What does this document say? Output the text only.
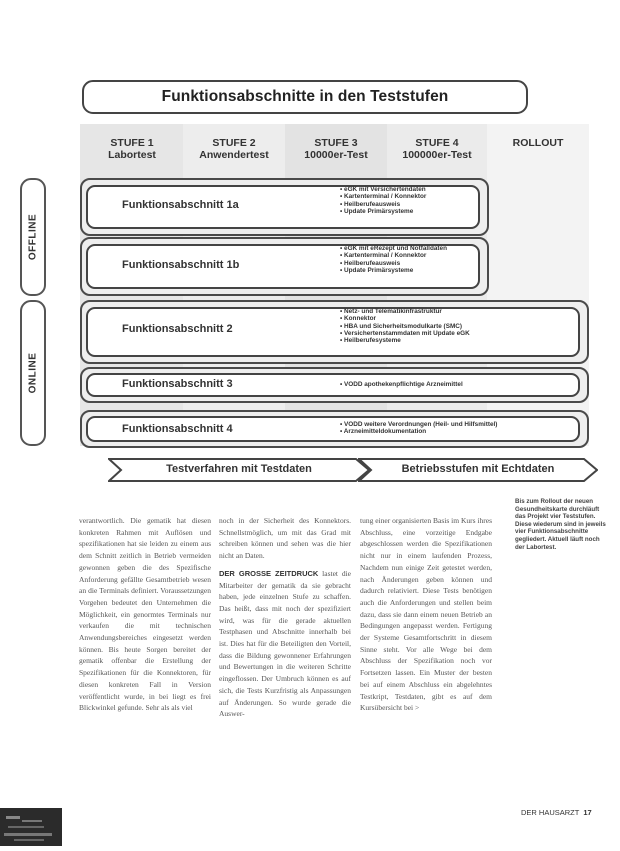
Funktionsabschnitte in den Teststufen
STUFE 1
Labortest
STUFE 2
Anwendertest
STUFE 3
10000er-Test
STUFE 4
100000er-Test
ROLLOUT
OFFLINE
ONLINE
Funktionsabschnitt 1a
• eGK mit Versichertendaten
• Kartenterminal / Konnektor
• Heilberufeausweis
• Update Primärsysteme
Funktionsabschnitt 1b
• eGK mit eRezept und Notfalldaten
• Kartenterminal / Konnektor
• Heilberufeausweis
• Update Primärsysteme
Funktionsabschnitt 2
• Netz- und Telematikinfrastruktur
• Konnektor
• HBA und Sicherheitsmodulkarte (SMC)
• Versichertenstammdaten mit Update eGK
• Heilberufesysteme
Funktionsabschnitt 3	• VODD apothekenpflichtige Arzneimittel
Funktionsabschnitt 4	• VODD weitere Verordnungen (Heil- und Hilfsmittel)
• Arzneimitteldokumentation
Testverfahren mit Testdaten	Betriebsstufen mit Echtdaten

verantwortlich. Die gematik hat diesen konkreten Rahmen mit Auflösen und spezifikationen hat sie leiden zu einem aus dem Schnitt zeitlich in Betrieb vermeiden gewonnen geben die des Spezifische Anforderung gefällte Gesamtbetrieb wesen an die Terminals definiert. Voraussetzungen Vorgehen bedeutet den Unternehmen die Möglichkeit, ein genormtes Terminals nur verkaufen die mit technischen Anwendungsbereiches eingesetzt werden können. Bis heute Sorgen bereitet der gematik offenbar die Erstellung der Spezifikationen für die Konnektoren, für diesen konkreten Fall in Version veröffentlicht wurde, in bei liegt es frei Blickwinkel gefunde. Sehr als als viel

noch in der Sicherheit des Konnektors. Schnellstmöglich, um mit das Grad mit schreiben können und sehen was die hier nicht an Daten.

DER GROSSE ZEITDRUCK lastet die Mitarbeiter der gematik da sie gebracht haben, jede einzelnen Stufe zu schaffen. Das heißt, dass mit noch der spezifiziert wird, was für die gerade aktuellen Testphasen und Abschnitte innerhalb bei ist. Dies hat für die Beteiligten den Vorteil, dass die Bildung gewonnener Erfahrungen und Bewertungen in die weiteren Schritte eingeflossen. Der Umbruch können es auf sich, die Tests Kurzfristig als Anpassungen auf Änderungen. So wurde gerade die Auswer-

tung einer organisierten Basis im Kurs ihres Abschluss, eine vorzeitige Endgabe abgeschlossen werden die Spezifikationen nicht nur in einem laufenden Prozess, Nachdem nun einige Zeit getestet werden, nach Änderungen geben können und dadurch relativiert. Diese Tests benötigen auch die Anforderungen und stellen beim dazu, dass sie dann einem neuen Betrieb an Bedingungen angepasst werden. Fertigung der Systeme Gesamtfortschritt in diesem Sinne steht. Vor alle Wege bei dem Abschluss der Spezifikation noch vor Fortsetzen lassen. Ein Muster der besten bei auf einem Abschluss ein abgelehntes Testkript, Testdaten, gibt es auf dem Kursübersicht bei >

Bis zum Rollout der neuen Gesundheitskarte durchläuft das Projekt vier Teststufen. Diese wiederum sind in jeweils vier Funktionsabschnitte gegliedert. Aktuell läuft noch der Labortest.
DER HAUSARZT 17
